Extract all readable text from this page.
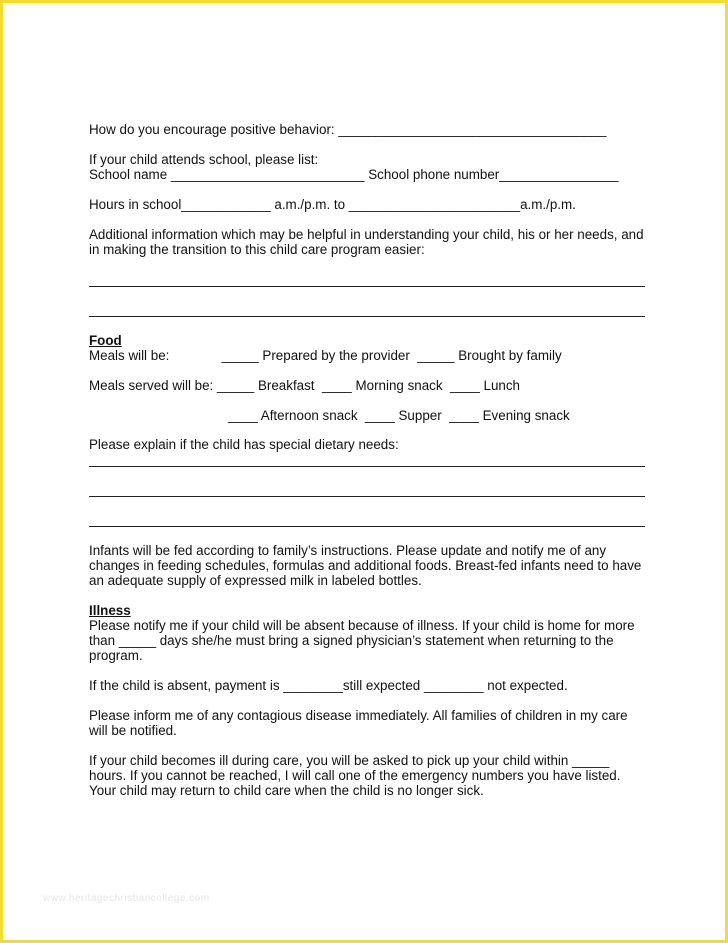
How do you encourage positive behavior: ____________________________________
If your child attends school, please list:
School name __________________________ School phone number________________
Hours in school____________ a.m./p.m. to _______________________a.m./p.m.
Additional information which may be helpful in understanding your child, his or her needs, and in making the transition to this child care program easier:
Food
Meals will be:              _____ Prepared by the provider  _____ Brought by family
Meals served will be: _____ Breakfast  ____ Morning snack  ____ Lunch
____ Afternoon snack  ____ Supper  ____ Evening snack
Please explain if the child has special dietary needs:
Infants will be fed according to family’s instructions. Please update and notify me of any changes in feeding schedules, formulas and additional foods. Breast-fed infants need to have an adequate supply of expressed milk in labeled bottles.
Illness
Please notify me if your child will be absent because of illness. If your child is home for more than _____ days she/he must bring a signed physician’s statement when returning to the program.
If the child is absent, payment is ________still expected ________ not expected.
Please inform me of any contagious disease immediately. All families of children in my care will be notified.
If your child becomes ill during care, you will be asked to pick up your child within _____ hours. If you cannot be reached, I will call one of the emergency numbers you have listed. Your child may return to child care when the child is no longer sick.
www.heritagechristiancollege.com
